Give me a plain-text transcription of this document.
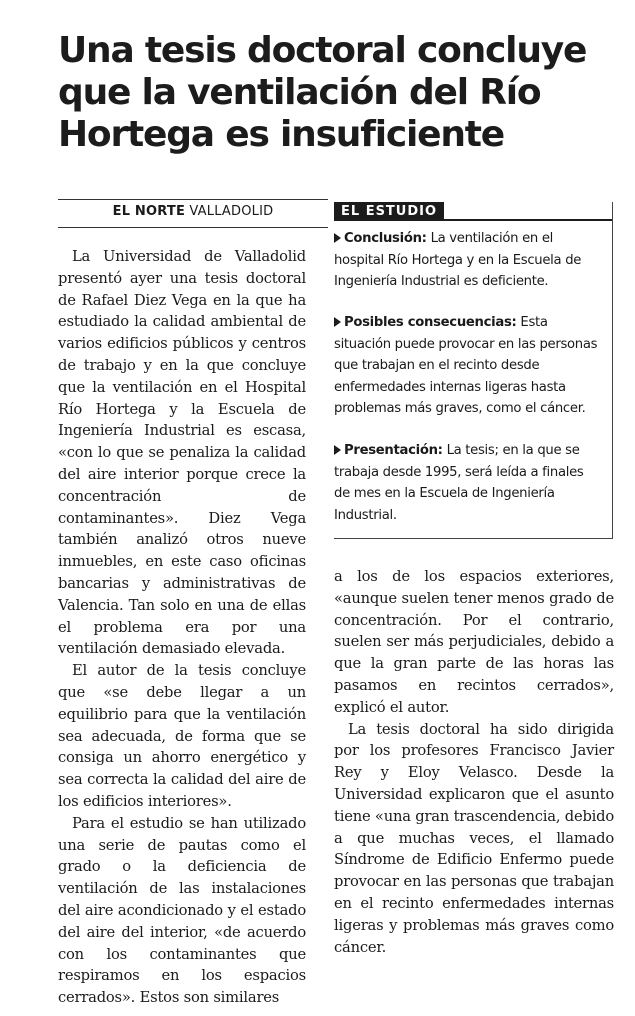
Una tesis doctoral concluye que la ventilación del Río Hortega es insuficiente
EL NORTE VALLADOLID

La Universidad de Valladolid presentó ayer una tesis doctoral de Rafael Diez Vega en la que ha estudiado la calidad ambiental de varios edificios públicos y centros de trabajo y en la que concluye que la ventilación en el Hospital Río Hortega y la Escuela de Ingeniería Industrial es escasa, «con lo que se penaliza la calidad del aire interior porque crece la concentración de contaminantes». Diez Vega también analizó otros nueve inmuebles, en este caso oficinas bancarias y administrativas de Valencia. Tan solo en una de ellas el problema era por una ventilación demasiado elevada.

El autor de la tesis concluye que «se debe llegar a un equilibrio para que la ventilación sea adecuada, de forma que se consiga un ahorro energético y sea correcta la calidad del aire de los edificios interiores».

Para el estudio se han utilizado una serie de pautas como el grado o la deficiencia de ventilación de las instalaciones del aire acondicionado y el estado del aire del interior, «de acuerdo con los contaminantes que respiramos en los espacios cerrados». Estos son similares

EL ESTUDIO
Conclusión: La ventilación en el hospital Río Hortega y en la Escuela de Ingeniería Industrial es deficiente.
Posibles consecuencias: Esta situación puede provocar en las personas que trabajan en el recinto desde enfermedades internas ligeras hasta problemas más graves, como el cáncer.
Presentación: La tesis; en la que se trabaja desde 1995, será leída a finales de mes en la Escuela de Ingeniería Industrial.

a los de los espacios exteriores, «aunque suelen tener menos grado de concentración. Por el contrario, suelen ser más perjudiciales, debido a que la gran parte de las horas las pasamos en recintos cerrados», explicó el autor.

La tesis doctoral ha sido dirigida por los profesores Francisco Javier Rey y Eloy Velasco. Desde la Universidad explicaron que el asunto tiene «una gran trascendencia, debido a que muchas veces, el llamado Síndrome de Edificio Enfermo puede provocar en las personas que trabajan en el recinto enfermedades internas ligeras y problemas más graves como cáncer.
